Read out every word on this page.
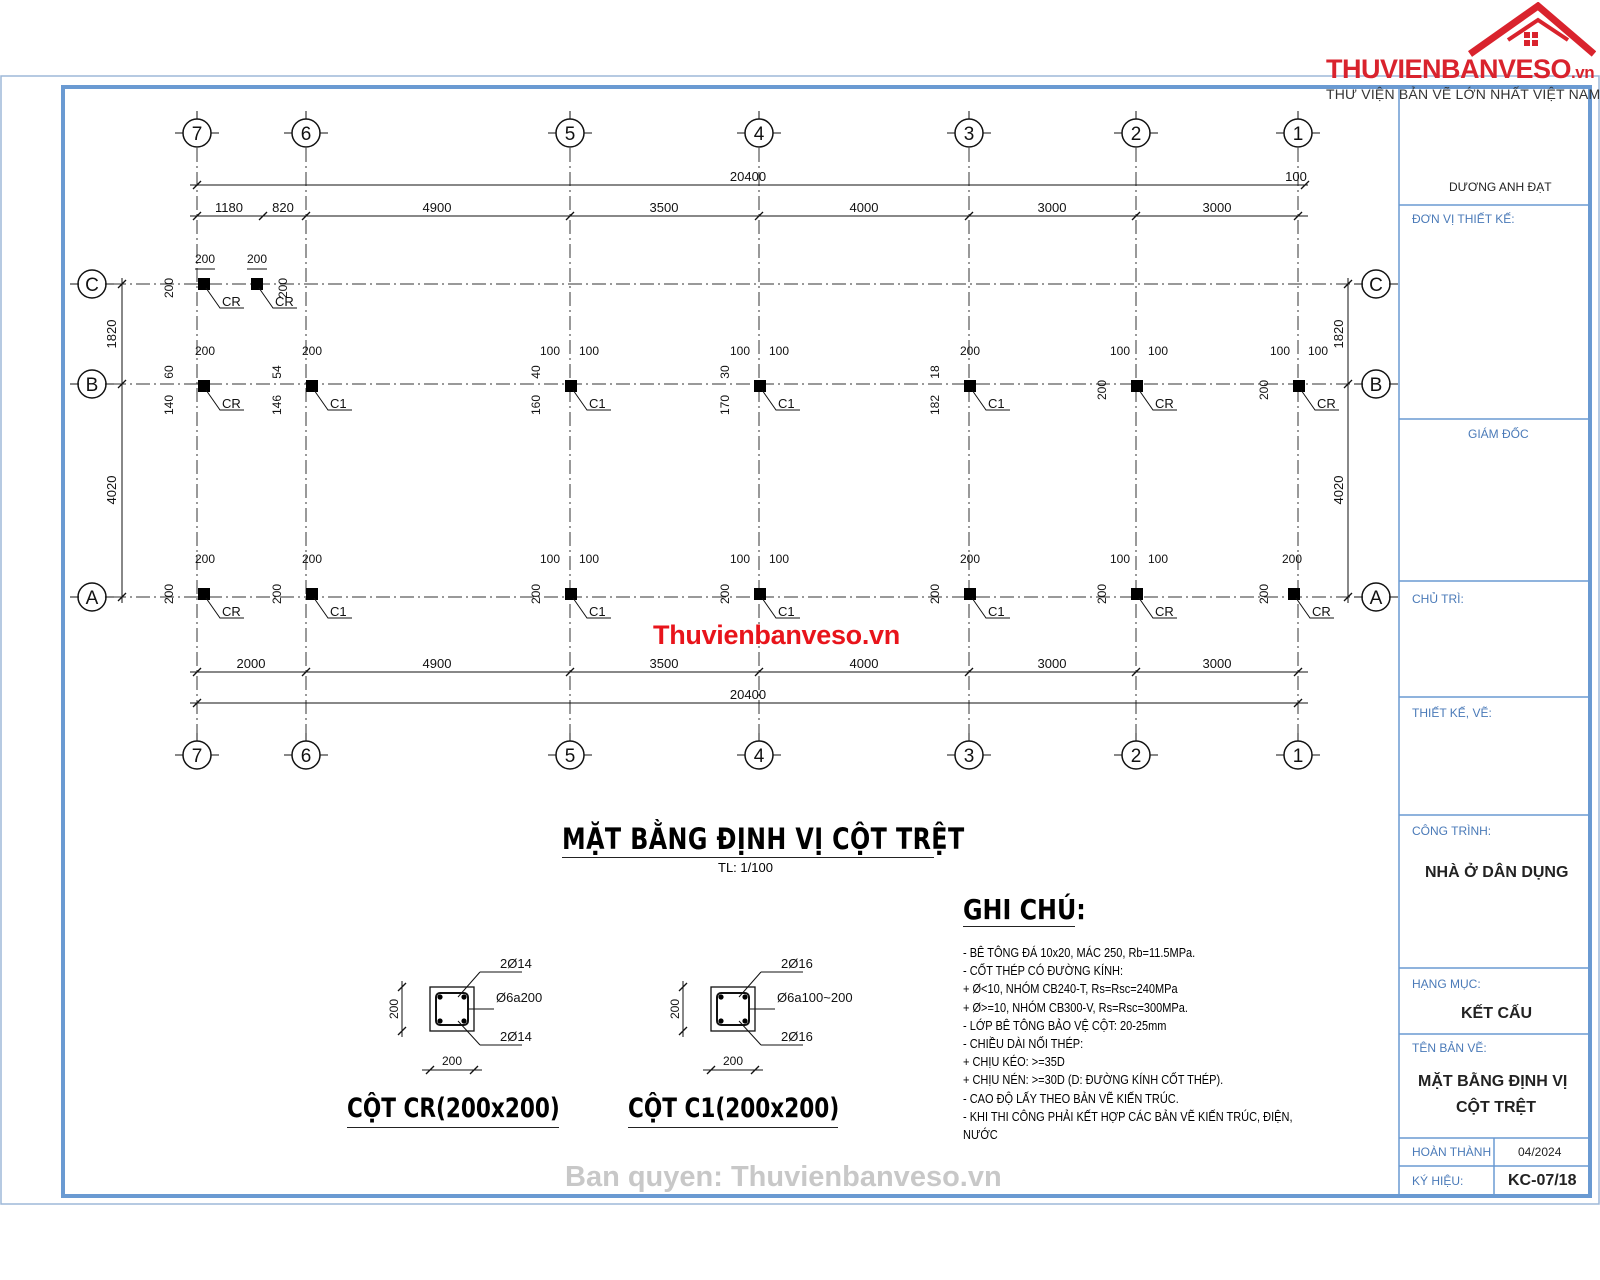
7
7
6
6
5
5
4
4
3
3
2
2
1
1
C	C
B	B
A	A
20400	100
1180 820	4900	3500	4000	3000	3000
2000	4900	3500	4000	3000	3000
20400
1820
4020
1820
4020
CR	CR
CR	C1	C1	C1	C1	CR	CR
CR	C1	C1	C1	C1	CR	CR
200	200
200	200
200	200	100 100	100 100	200	100 100	100 100
60	54	40	30	18
200	200
140	146	160	170	182
200	200	100 100	100 100	200	100 100	200
200	200	200	200	200	200	200
2Ø14
Ø6a200
2Ø14
200
200
2Ø16
Ø6a100~200
2Ø16
200
200
THUVIENBANVESO.vn
THƯ VIỆN BẢN VẼ LỚN NHẤT VIỆT NAM
DƯƠNG ANH ĐẠT
ĐƠN VỊ THIẾT KẾ:
GIÁM ĐỐC
CHỦ TRÌ:
THIẾT KẾ, VẼ:
CÔNG TRÌNH:
NHÀ Ở DÂN DỤNG
HẠNG MỤC:
KẾT CẤU
TÊN BẢN VẼ:
MẶT BẰNG ĐỊNH VỊ
CỘT TRỆT
HOÀN THÀNH 04/2024
KÝ HIỆU:	KC-07/18
MẶT BẰNG ĐỊNH VỊ CỘT TRỆT
TL: 1/100
Thuvienbanveso.vn
Ban quyen: Thuvienbanveso.vn
GHI CHÚ:
- BÊ TÔNG ĐÁ 10x20, MÁC 250, Rb=11.5MPa.
- CỐT THÉP CÓ ĐƯỜNG KÍNH:
+ Ø<10, NHÓM CB240-T, Rs=Rsc=240MPa
+ Ø>=10, NHÓM CB300-V, Rs=Rsc=300MPa.
- LỚP BÊ TÔNG BẢO VỆ CỘT: 20-25mm
- CHIỀU DÀI NỐI THÉP:
+ CHỊU KÉO: >=35D
+ CHỊU NÉN: >=30D (D: ĐƯỜNG KÍNH CỐT THÉP).
- CAO ĐỘ LẤY THEO BẢN VẼ KIẾN TRÚC.
- KHI THI CÔNG PHẢI KẾT HỢP CÁC BẢN VẼ KIẾN TRÚC, ĐIỆN,
NƯỚC
CỘT CR(200x200)	CỘT C1(200x200)
